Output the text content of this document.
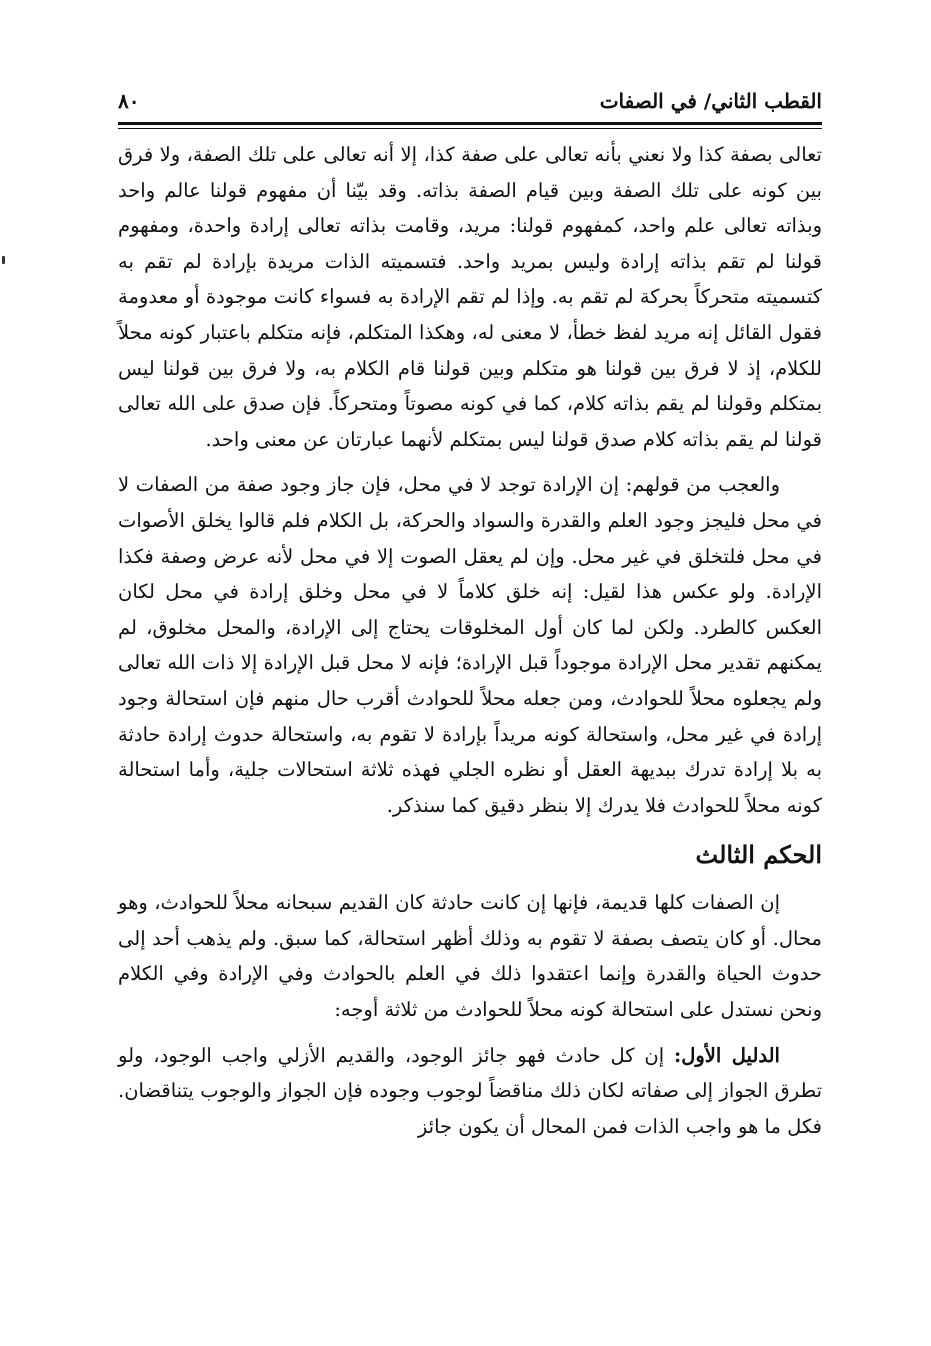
القطب الثاني/ في الصفات
٨٠

تعالى بصفة كذا ولا نعني بأنه تعالى على صفة كذا، إلا أنه تعالى على تلك الصفة، ولا فرق بين كونه على تلك الصفة وبين قيام الصفة بذاته. وقد بيّنا أن مفهوم قولنا عالم واحد وبذاته تعالى علم واحد، كمفهوم قولنا: مريد، وقامت بذاته تعالى إرادة واحدة، ومفهوم قولنا لم تقم بذاته إرادة وليس بمريد واحد. فتسميته الذات مريدة بإرادة لم تقم به كتسميته متحركاً بحركة لم تقم به. وإذا لم تقم الإرادة به فسواء كانت موجودة أو معدومة فقول القائل إنه مريد لفظ خطأ، لا معنى له، وهكذا المتكلم، فإنه متكلم باعتبار كونه محلاً للكلام، إذ لا فرق بين قولنا هو متكلم وبين قولنا قام الكلام به، ولا فرق بين قولنا ليس بمتكلم وقولنا لم يقم بذاته كلام، كما في كونه مصوتاً ومتحركاً. فإن صدق على الله تعالى قولنا لم يقم بذاته كلام صدق قولنا ليس بمتكلم لأنهما عبارتان عن معنى واحد.

والعجب من قولهم: إن الإرادة توجد لا في محل، فإن جاز وجود صفة من الصفات لا في محل فليجز وجود العلم والقدرة والسواد والحركة، بل الكلام فلم قالوا يخلق الأصوات في محل فلتخلق في غير محل. وإن لم يعقل الصوت إلا في محل لأنه عرض وصفة فكذا الإرادة. ولو عكس هذا لقيل: إنه خلق كلاماً لا في محل وخلق إرادة في محل لكان العكس كالطرد. ولكن لما كان أول المخلوقات يحتاج إلى الإرادة، والمحل مخلوق، لم يمكنهم تقدير محل الإرادة موجوداً قبل الإرادة؛ فإنه لا محل قبل الإرادة إلا ذات الله تعالى ولم يجعلوه محلاً للحوادث، ومن جعله محلاً للحوادث أقرب حال منهم فإن استحالة وجود إرادة في غير محل، واستحالة كونه مريداً بإرادة لا تقوم به، واستحالة حدوث إرادة حادثة به بلا إرادة تدرك ببديهة العقل أو نظره الجلي فهذه ثلاثة استحالات جلية، وأما استحالة كونه محلاً للحوادث فلا يدرك إلا بنظر دقيق كما سنذكر.

الحكم الثالث

إن الصفات كلها قديمة، فإنها إن كانت حادثة كان القديم سبحانه محلاً للحوادث، وهو محال. أو كان يتصف بصفة لا تقوم به وذلك أظهر استحالة، كما سبق. ولم يذهب أحد إلى حدوث الحياة والقدرة وإنما اعتقدوا ذلك في العلم بالحوادث وفي الإرادة وفي الكلام ونحن نستدل على استحالة كونه محلاً للحوادث من ثلاثة أوجه:

الدليل الأول: إن كل حادث فهو جائز الوجود، والقديم الأزلي واجب الوجود، ولو تطرق الجواز إلى صفاته لكان ذلك مناقضاً لوجوب وجوده فإن الجواز والوجوب يتناقضان. فكل ما هو واجب الذات فمن المحال أن يكون جائز
